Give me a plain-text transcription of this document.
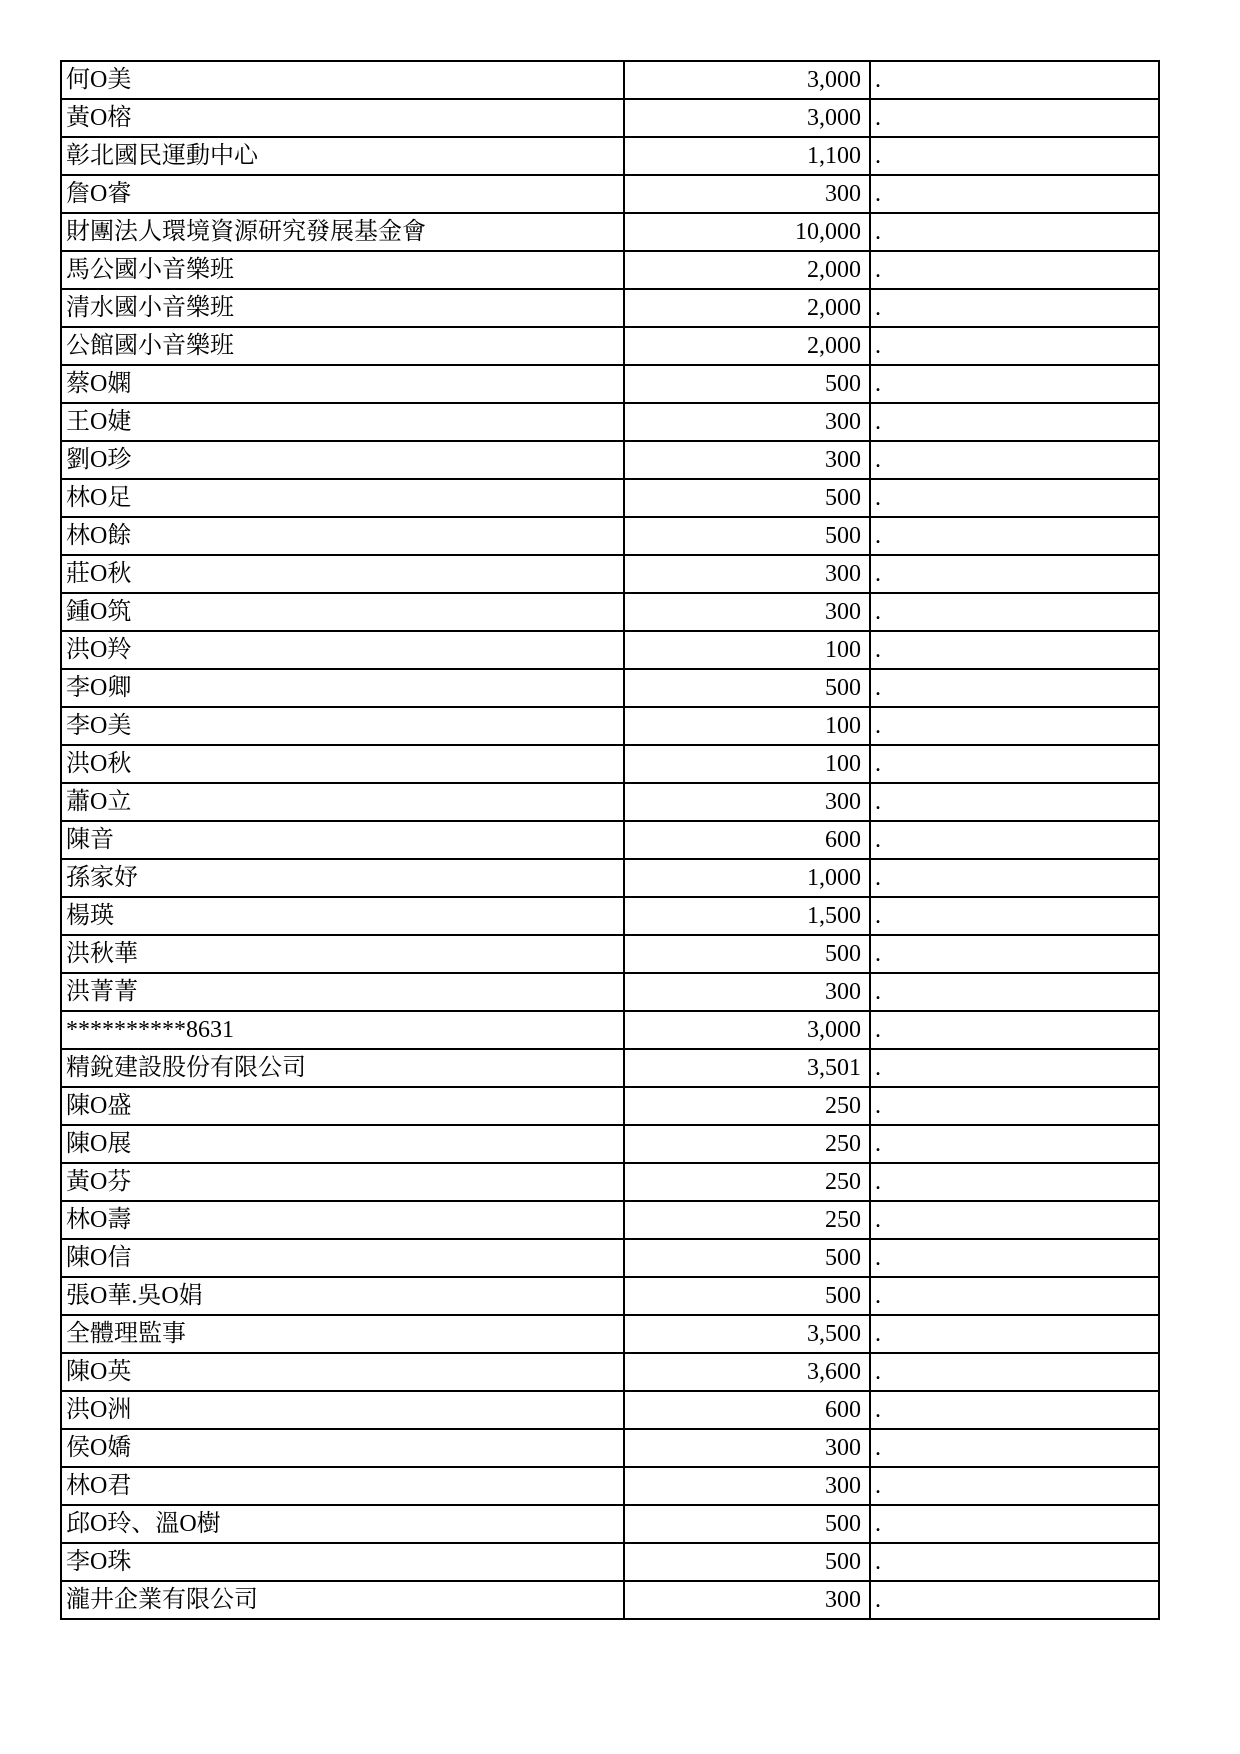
何O美	3,000	.
黃O榕	3,000	.
彰北國民運動中心	1,100	.
詹O睿	300	.
財團法人環境資源研究發展基金會	10,000	.
馬公國小音樂班	2,000	.
清水國小音樂班	2,000	.
公館國小音樂班	2,000	.
蔡O嫻	500	.
王O婕	300	.
劉O珍	300	.
林O足	500	.
林O餘	500	.
莊O秋	300	.
鍾O筑	300	.
洪O羚	100	.
李O卿	500	.
李O美	100	.
洪O秋	100	.
蕭O立	300	.
陳音	600	.
孫家妤	1,000	.
楊瑛	1,500	.
洪秋華	500	.
洪菁菁	300	.
**********8631	3,000	.
精銳建設股份有限公司	3,501	.
陳O盛	250	.
陳O展	250	.
黃O芬	250	.
林O壽	250	.
陳O信	500	.
張O華.吳O娟	500	.
全體理監事	3,500	.
陳O英	3,600	.
洪O洲	600	.
侯O嬌	300	.
林O君	300	.
邱O玲、溫O樹	500	.
李O珠	500	.
瀧井企業有限公司	300	.
